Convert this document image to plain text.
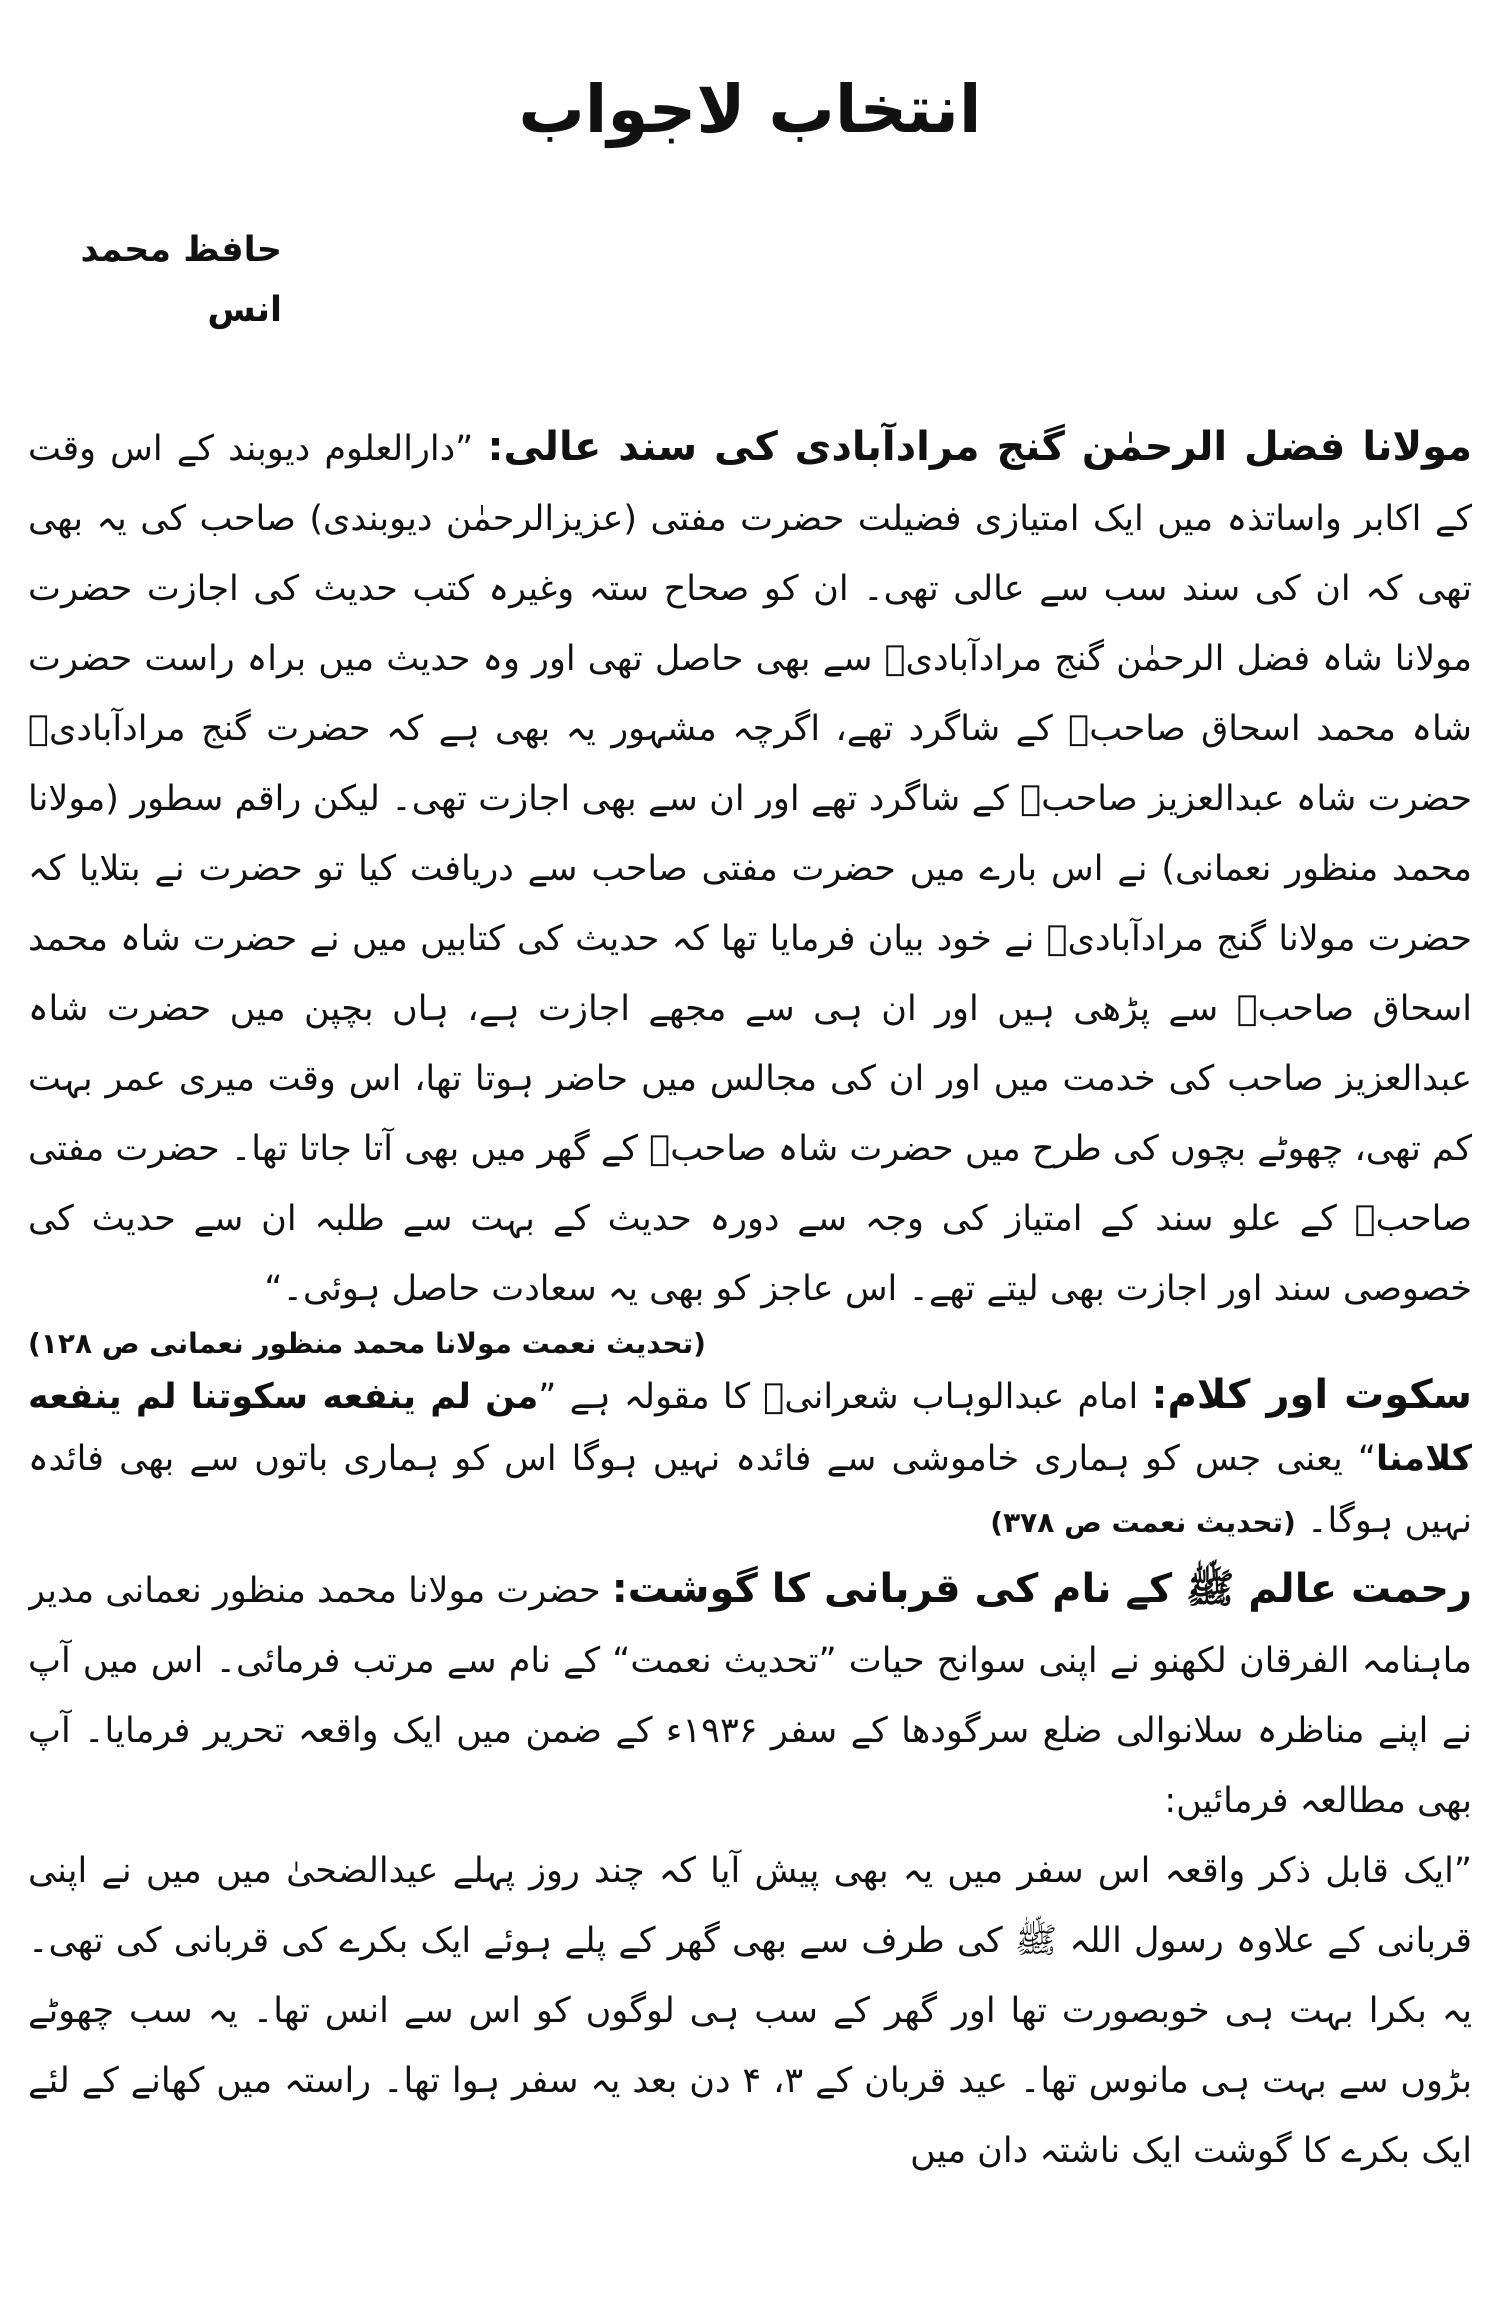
انتخاب لاجواب
حافظ محمد انس

مولانا فضل الرحمٰن گنج مرادآبادی کی سند عالی: ”دارالعلوم دیوبند کے اس وقت کے اکابر واساتذہ میں ایک امتیازی فضیلت حضرت مفتی (عزیزالرحمٰن دیوبندی) صاحب کی یہ بھی تھی کہ ان کی سند سب سے عالی تھی۔ ان کو صحاح ستہ وغیرہ کتب حدیث کی اجازت حضرت مولانا شاہ فضل الرحمٰن گنج مرادآبادیؒ سے بھی حاصل تھی اور وہ حدیث میں براہ راست حضرت شاہ محمد اسحاق صاحبؒ کے شاگرد تھے، اگرچہ مشہور یہ بھی ہے کہ حضرت گنج مرادآبادیؒ حضرت شاہ عبدالعزیز صاحبؒ کے شاگرد تھے اور ان سے بھی اجازت تھی۔ لیکن راقم سطور (مولانا محمد منظور نعمانی) نے اس بارے میں حضرت مفتی صاحب سے دریافت کیا تو حضرت نے بتلایا کہ حضرت مولانا گنج مرادآبادیؒ نے خود بیان فرمایا تھا کہ حدیث کی کتابیں میں نے حضرت شاہ محمد اسحاق صاحبؒ سے پڑھی ہیں اور ان ہی سے مجھے اجازت ہے، ہاں بچپن میں حضرت شاہ عبدالعزیز صاحب کی خدمت میں اور ان کی مجالس میں حاضر ہوتا تھا، اس وقت میری عمر بہت کم تھی، چھوٹے بچوں کی طرح میں حضرت شاہ صاحبؒ کے گھر میں بھی آتا جاتا تھا۔ حضرت مفتی صاحبؒ کے علو سند کے امتیاز کی وجہ سے دورہ حدیث کے بہت سے طلبہ ان سے حدیث کی خصوصی سند اور اجازت بھی لیتے تھے۔ اس عاجز کو بھی یہ سعادت حاصل ہوئی۔“

(تحدیث نعمت مولانا محمد منظور نعمانی ص ۱۲۸)

سکوت اور کلام: امام عبدالوہاب شعرانیؒ کا مقولہ ہے ”من لم ینفعه سکوتنا لم ینفعه کلامنا“ یعنی جس کو ہماری خاموشی سے فائدہ نہیں ہوگا اس کو ہماری باتوں سے بھی فائدہ نہیں ہوگا۔ (تحدیث نعمت ص ۳۷۸)

رحمت عالم ﷺ کے نام کی قربانی کا گوشت: حضرت مولانا محمد منظور نعمانی مدیر ماہنامہ الفرقان لکھنو نے اپنی سوانح حیات ”تحدیث نعمت“ کے نام سے مرتب فرمائی۔ اس میں آپ نے اپنے مناظرہ سلانوالی ضلع سرگودھا کے سفر ۱۹۳۶ء کے ضمن میں ایک واقعہ تحریر فرمایا۔ آپ بھی مطالعہ فرمائیں:

”ایک قابل ذکر واقعہ اس سفر میں یہ بھی پیش آیا کہ چند روز پہلے عیدالضحیٰ میں میں نے اپنی قربانی کے علاوہ رسول اللہ ﷺ کی طرف سے بھی گھر کے پلے ہوئے ایک بکرے کی قربانی کی تھی۔ یہ بکرا بہت ہی خوبصورت تھا اور گھر کے سب ہی لوگوں کو اس سے انس تھا۔ یہ سب چھوٹے بڑوں سے بہت ہی مانوس تھا۔ عید قربان کے ۳، ۴ دن بعد یہ سفر ہوا تھا۔ راستہ میں کھانے کے لئے ایک بکرے کا گوشت ایک ناشتہ دان میں
